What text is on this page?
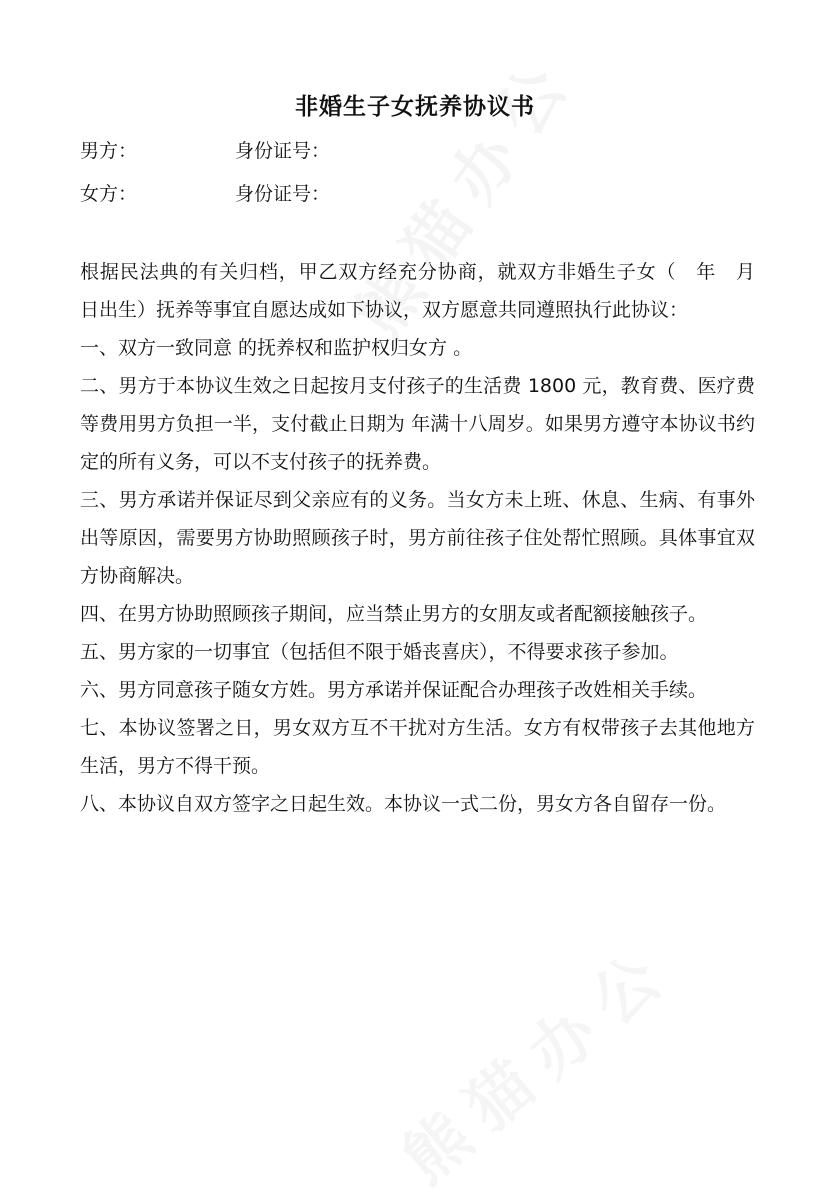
非婚生子女抚养协议书
男方：	身份证号：
女方：	身份证号：

根据民法典的有关归档，甲乙双方经充分协商，就双方非婚生子女（　年　月　日出生）抚养等事宜自愿达成如下协议，双方愿意共同遵照执行此协议：

一、双方一致同意 的抚养权和监护权归女方 。

二、男方于本协议生效之日起按月支付孩子的生活费 1800 元，教育费、医疗费等费用男方负担一半，支付截止日期为 年满十八周岁。如果男方遵守本协议书约定的所有义务，可以不支付孩子的抚养费。

三、男方承诺并保证尽到父亲应有的义务。当女方未上班、休息、生病、有事外出等原因，需要男方协助照顾孩子时，男方前往孩子住处帮忙照顾。具体事宜双方协商解决。

四、在男方协助照顾孩子期间，应当禁止男方的女朋友或者配额接触孩子。

五、男方家的一切事宜（包括但不限于婚丧喜庆），不得要求孩子参加。

六、男方同意孩子随女方姓。男方承诺并保证配合办理孩子改姓相关手续。

七、本协议签署之日，男女双方互不干扰对方生活。女方有权带孩子去其他地方生活，男方不得干预。

八、本协议自双方签字之日起生效。本协议一式二份，男女方各自留存一份。
